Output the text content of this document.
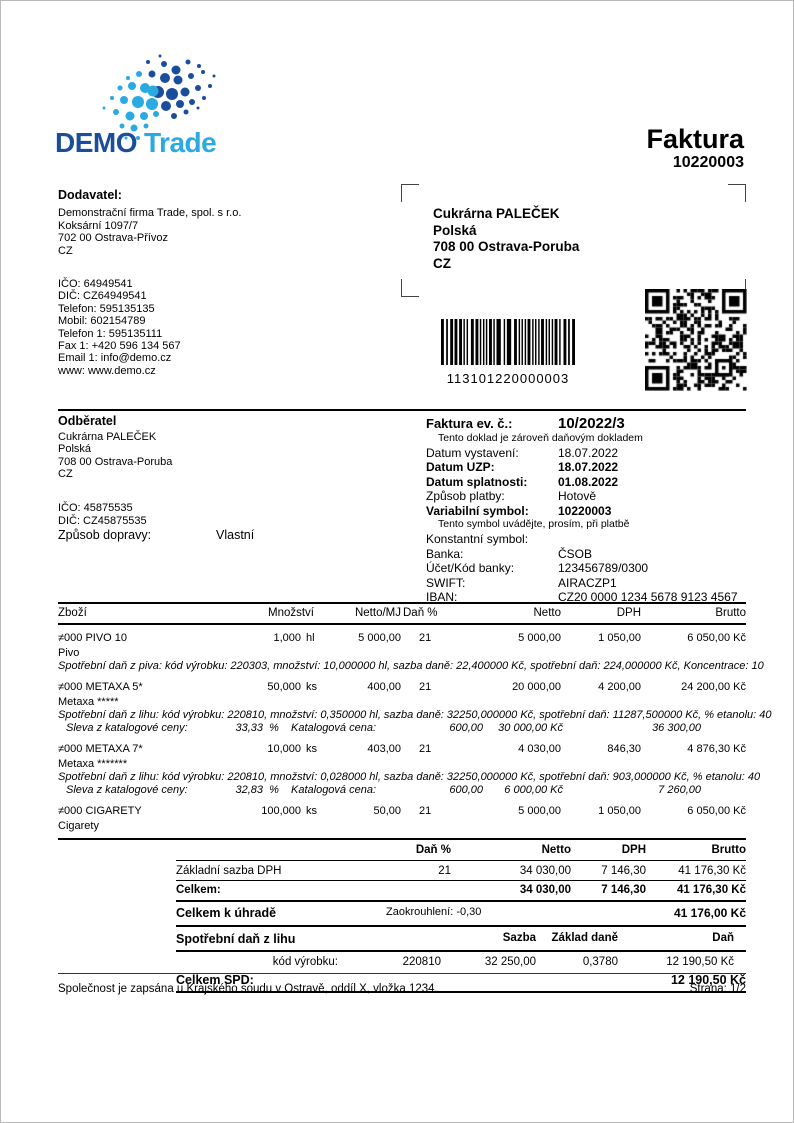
DEMO Trade	Faktura
10220003
Dodavatel:
Demonstrační firma Trade, spol. s r.o.
Koksární 1097/7
702 00 Ostrava-Přívoz
CZ
IČO: 64949541
DIČ: CZ64949541
Telefon: 595135135
Mobil: 602154789
Telefon 1: 595135111
Fax 1: +420 596 134 567
Email 1: info@demo.cz
www: www.demo.cz
Cukrárna PALEČEK
Polská
708 00 Ostrava-Poruba
CZ
113101220000003
Odběratel
Cukrárna PALEČEK
Polská
708 00 Ostrava-Poruba
CZ
IČO: 45875535
DIČ: CZ45875535
Způsob dopravy:	Vlastní
Faktura ev. č.:	10/2022/3
Tento doklad je zároveň daňovým dokladem
Datum vystavení:	18.07.2022
Datum UZP:	18.07.2022
Datum splatnosti:	01.08.2022
Způsob platby:	Hotově
Variabilní symbol:	10220003
Tento symbol uvádějte, prosím, při platbě
Konstantní symbol:
Banka:	ČSOB
Účet/Kód banky:	123456789/0300
SWIFT:	AIRACZP1
IBAN:	CZ20 0000 1234 5678 9123 4567
Zboží	Množství	Netto/MJ Daň %	Netto	DPH	Brutto
≠000 PIVO 10	1,000 hl	5 000,00	21	5 000,00	1 050,00	6 050,00 Kč
Pivo
Spotřební daň z piva: kód výrobku: 220303, množství: 10,000000 hl, sazba daně: 22,400000 Kč, spotřební daň: 224,000000 Kč, Koncentrace: 10
≠000 METAXA 5*	50,000 ks	400,00	21	20 000,00	4 200,00	24 200,00 Kč
Metaxa *****
Spotřební daň z lihu: kód výrobku: 220810, množství: 0,350000 hl, sazba daně: 32250,000000 Kč, spotřební daň: 11287,500000 Kč, % etanolu: 40
Sleva z katalogové ceny:	33,33 %	Katalogová cena:	600,00	30 000,00 Kč	36 300,00
≠000 METAXA 7*	10,000 ks	403,00	21	4 030,00	846,30	4 876,30 Kč
Metaxa *******
Spotřební daň z lihu: kód výrobku: 220810, množství: 0,028000 hl, sazba daně: 32250,000000 Kč, spotřební daň: 903,000000 Kč, % etanolu: 40
Sleva z katalogové ceny:	32,83 %	Katalogová cena:	600,00	6 000,00 Kč	7 260,00
≠000 CIGARETY	100,000 ks	50,00	21	5 000,00	1 050,00	6 050,00 Kč
Cigarety
Daň %	Netto	DPH	Brutto
Základní sazba DPH	21	34 030,00	7 146,30	41 176,30 Kč
Celkem:	34 030,00	7 146,30	41 176,30 Kč
Celkem k úhradě	Zaokrouhlení: -0,30	41 176,00 Kč
Spotřební daň z lihu	Sazba	Základ daně	Daň
kód výrobku:	220810	32 250,00	0,3780	12 190,50 Kč
Celkem SPD:	12 190,50 Kč
Společnost je zapsána u Krajského soudu v Ostravě, oddíl X, vložka 1234.	Strana: 1/2
